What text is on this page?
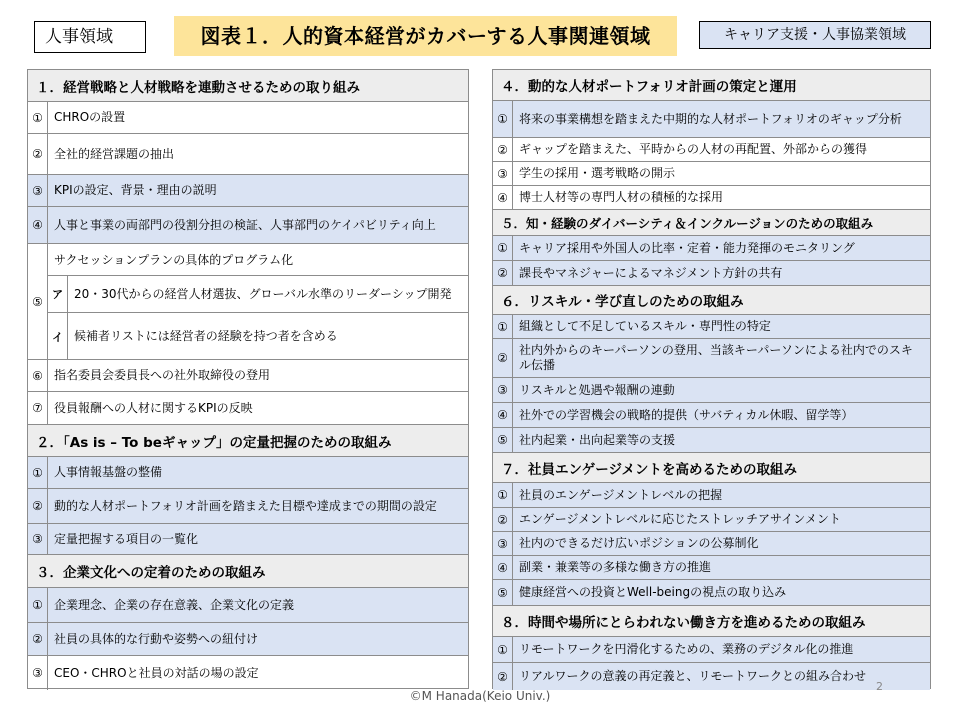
人事領域	図表１．人的資本経営がカバーする人事関連領域	キャリア支援・人事協業領域
１．経営戦略と人材戦略を連動させるための取り組み
① CHROの設置
② 全社的経営課題の抽出
③ KPIの設定、背景・理由の説明
④ 人事と事業の両部門の役割分担の検証、人事部門のケイパビリティ向上
⑤
サクセッションプランの具体的プログラム化
ア 20・30代からの経営人材選抜、グローバル水準のリーダーシップ開発
イ 候補者リストには経営者の経験を持つ者を含める
⑥ 指名委員会委員長への社外取締役の登用
⑦ 役員報酬への人材に関するKPIの反映
２．「As is – To beギャップ」の定量把握のための取組み
① 人事情報基盤の整備
② 動的な人材ポートフォリオ計画を踏まえた目標や達成までの期間の設定
③ 定量把握する項目の一覧化
３．企業文化への定着のための取組み
① 企業理念、企業の存在意義、企業文化の定義
② 社員の具体的な行動や姿勢への紐付け
③ CEO・CHROと社員の対話の場の設定
４．動的な人材ポートフォリオ計画の策定と運用
① 将来の事業構想を踏まえた中期的な人材ポートフォリオのギャップ分析
② ギャップを踏まえた、平時からの人材の再配置、外部からの獲得
③ 学生の採用・選考戦略の開示
④ 博士人材等の専門人材の積極的な採用
５．知・経験のダイバーシティ＆インクルージョンのための取組み
① キャリア採用や外国人の比率・定着・能力発揮のモニタリング
② 課長やマネジャーによるマネジメント方針の共有
６．リスキル・学び直しのための取組み
① 組織として不足しているスキル・専門性の特定
②
社内外からのキーパーソンの登用、当該キーパーソンによる社内でのスキル伝播
③ リスキルと処遇や報酬の連動
④ 社外での学習機会の戦略的提供（サバティカル休暇、留学等）
⑤ 社内起業・出向起業等の支援
７．社員エンゲージメントを高めるための取組み
① 社員のエンゲージメントレベルの把握
② エンゲージメントレベルに応じたストレッチアサインメント
③ 社内のできるだけ広いポジションの公募制化
④ 副業・兼業等の多様な働き方の推進
⑤ 健康経営への投資とWell-beingの視点の取り込み
８．時間や場所にとらわれない働き方を進めるための取組み
① リモートワークを円滑化するための、業務のデジタル化の推進
② リアルワークの意義の再定義と、リモートワークとの組み合わせ
©M Hanada(Keio Univ.)
2
